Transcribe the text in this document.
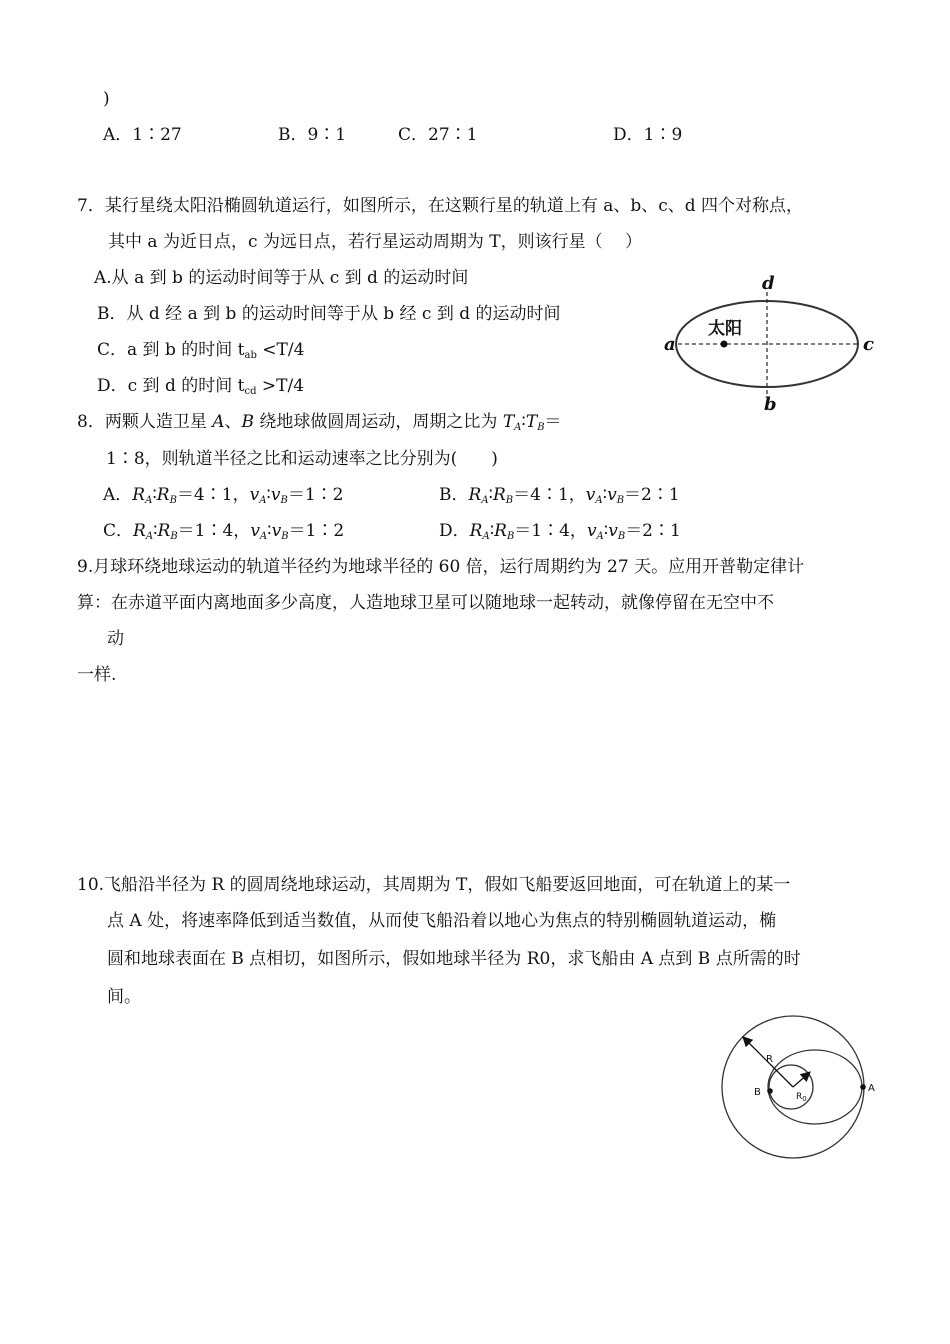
)
A．1∶27	B．9∶1	C．27∶1	D．1∶9
7．某行星绕太阳沿椭圆轨道运行，如图所示，在这颗行星的轨道上有 a、b、c、d 四个对称点，
其中 a 为近日点，c 为远日点，若行星运动周期为 T，则该行星（　 ）
A.从 a 到 b 的运动时间等于从 c 到 d 的运动时间
B．从 d 经 a 到 b 的运动时间等于从 b 经 c 到 d 的运动时间
C．a 到 b 的时间 $t_{ab} <T/4$
D．c 到 d 的时间 $t_{cd} >T/4$
太阳
d
b
a	c
8．两颗人造卫星 A、B 绕地球做圆周运动，周期之比为 $T_A∶T_B=$
1∶8，则轨道半径之比和运动速率之比分别为(　　)
A．$R_A∶R_B=4∶1$，$v_A∶v_B=1∶2$	B．$R_A∶R_B=4∶1$，$v_A∶v_B=2∶1$
C．$R_A∶R_B=1∶4$，$v_A∶v_B=1∶2$	D．$R_A∶R_B=1∶4$，$v_A∶v_B=2∶1$
9.月球环绕地球运动的轨道半径约为地球半径的 60 倍，运行周期约为 27 天。应用开普勒定律计
算：在赤道平面内离地面多少高度，人造地球卫星可以随地球一起转动，就像停留在无空中不
动
一样.
10.飞船沿半径为 R 的圆周绕地球运动，其周期为 T，假如飞船要返回地面，可在轨道上的某一
点 A 处，将速率降低到适当数值，从而使飞船沿着以地心为焦点的特别椭圆轨道运动，椭
圆和地球表面在 B 点相切，如图所示，假如地球半径为 R0，求飞船由 A 点到 B 点所需的时
间。
R
$R_0$
B	A
